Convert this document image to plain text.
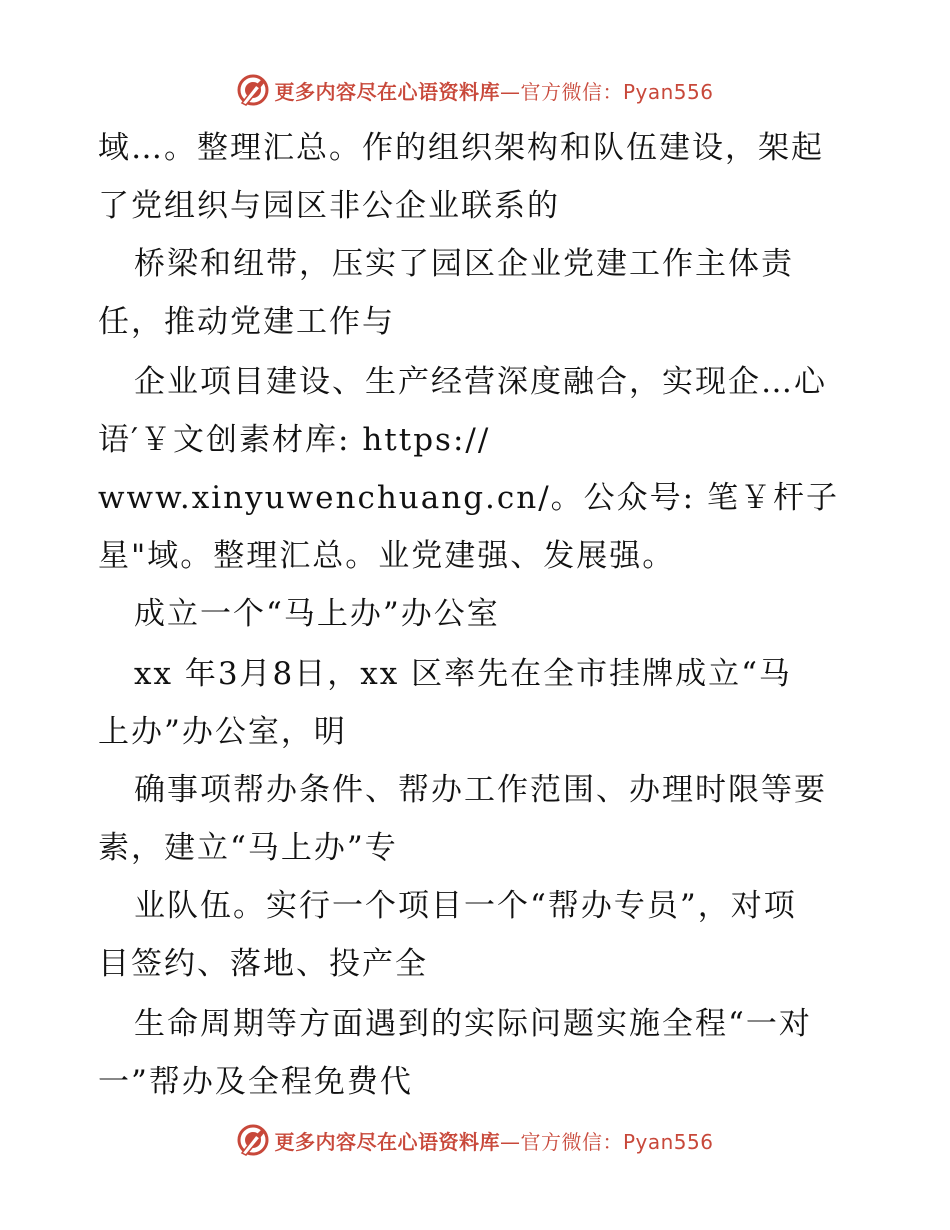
更多内容尽在心语资料库—官方微信：Pyan556
域…。整理汇总。作的组织架构和队伍建设，架起
了党组织与园区非公企业联系的
桥梁和纽带，压实了园区企业党建工作主体责
任，推动党建工作与
企业项目建设、生产经营深度融合，实现企…心
语′￥文创素材库: https://
www.xinyuwenchuang.cn/。公众号: 笔￥杆子
星"域。整理汇总。业党建强、发展强。
成立一个“马上办”办公室
xx 年3月8日，xx 区率先在全市挂牌成立“马
上办”办公室，明
确事项帮办条件、帮办工作范围、办理时限等要
素，建立“马上办”专
业队伍。实行一个项目一个“帮办专员”，对项
目签约、落地、投产全
生命周期等方面遇到的实际问题实施全程“一对
一”帮办及全程免费代
更多内容尽在心语资料库—官方微信：Pyan556
